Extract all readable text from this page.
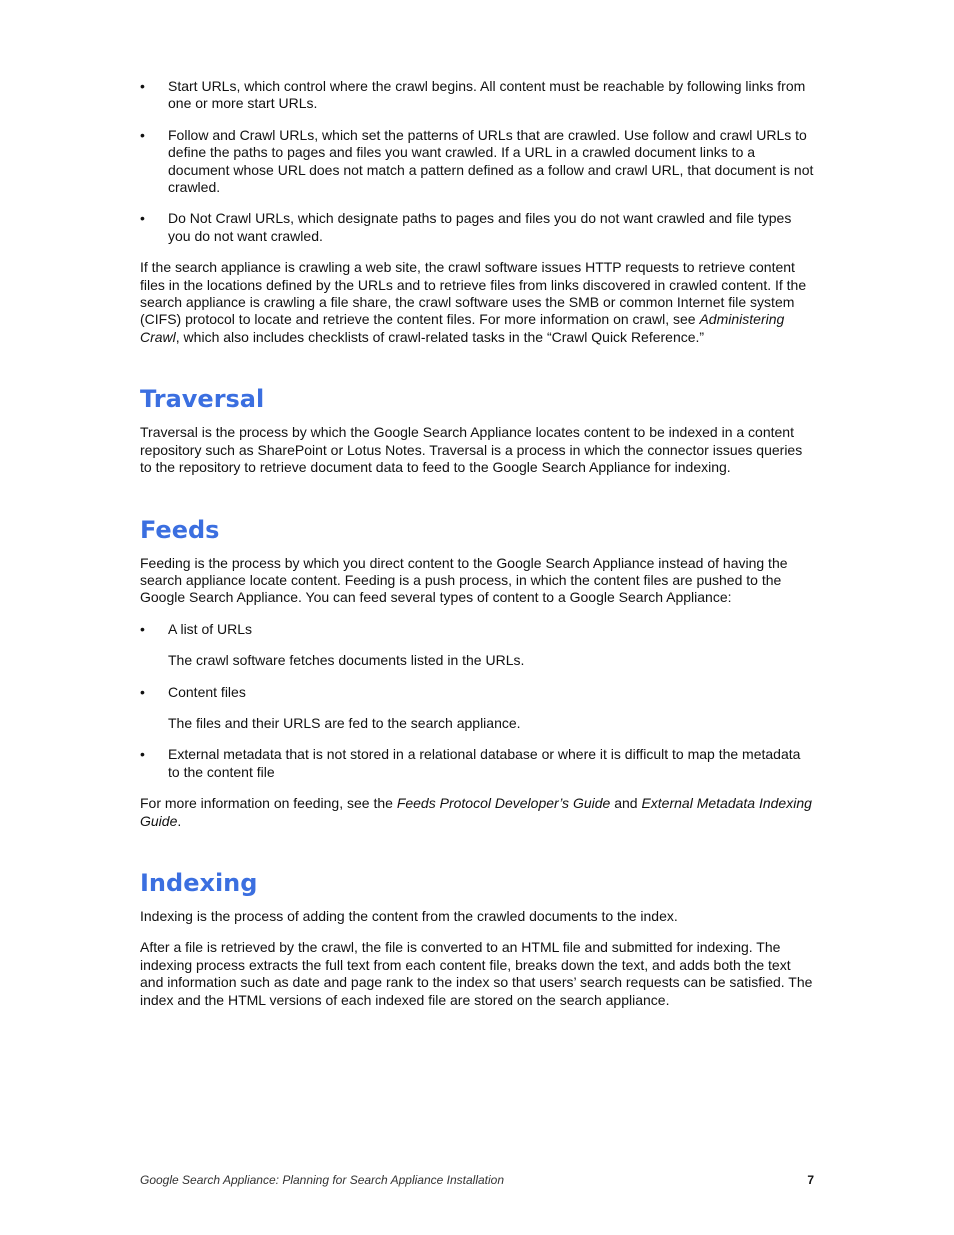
• Start URLs, which control where the crawl begins. All content must be reachable by following links from one or more start URLs.

• Follow and Crawl URLs, which set the patterns of URLs that are crawled. Use follow and crawl URLs to define the paths to pages and files you want crawled. If a URL in a crawled document links to a document whose URL does not match a pattern defined as a follow and crawl URL, that document is not crawled.

• Do Not Crawl URLs, which designate paths to pages and files you do not want crawled and file types you do not want crawled.

If the search appliance is crawling a web site, the crawl software issues HTTP requests to retrieve content files in the locations defined by the URLs and to retrieve files from links discovered in crawled content. If the search appliance is crawling a file share, the crawl software uses the SMB or common Internet file system (CIFS) protocol to locate and retrieve the content files. For more information on crawl, see Administering Crawl, which also includes checklists of crawl-related tasks in the “Crawl Quick Reference.”

Traversal

Traversal is the process by which the Google Search Appliance locates content to be indexed in a content repository such as SharePoint or Lotus Notes. Traversal is a process in which the connector issues queries to the repository to retrieve document data to feed to the Google Search Appliance for indexing.

Feeds

Feeding is the process by which you direct content to the Google Search Appliance instead of having the search appliance locate content. Feeding is a push process, in which the content files are pushed to the Google Search Appliance. You can feed several types of content to a Google Search Appliance:

• A list of URLs

The crawl software fetches documents listed in the URLs.

• Content files

The files and their URLS are fed to the search appliance.

• External metadata that is not stored in a relational database or where it is difficult to map the metadata to the content file

For more information on feeding, see the Feeds Protocol Developer’s Guide and External Metadata Indexing Guide.

Indexing

Indexing is the process of adding the content from the crawled documents to the index.

After a file is retrieved by the crawl, the file is converted to an HTML file and submitted for indexing. The indexing process extracts the full text from each content file, breaks down the text, and adds both the text and information such as date and page rank to the index so that users’ search requests can be satisfied. The index and the HTML versions of each indexed file are stored on the search appliance.

Google Search Appliance: Planning for Search Appliance Installation	7
